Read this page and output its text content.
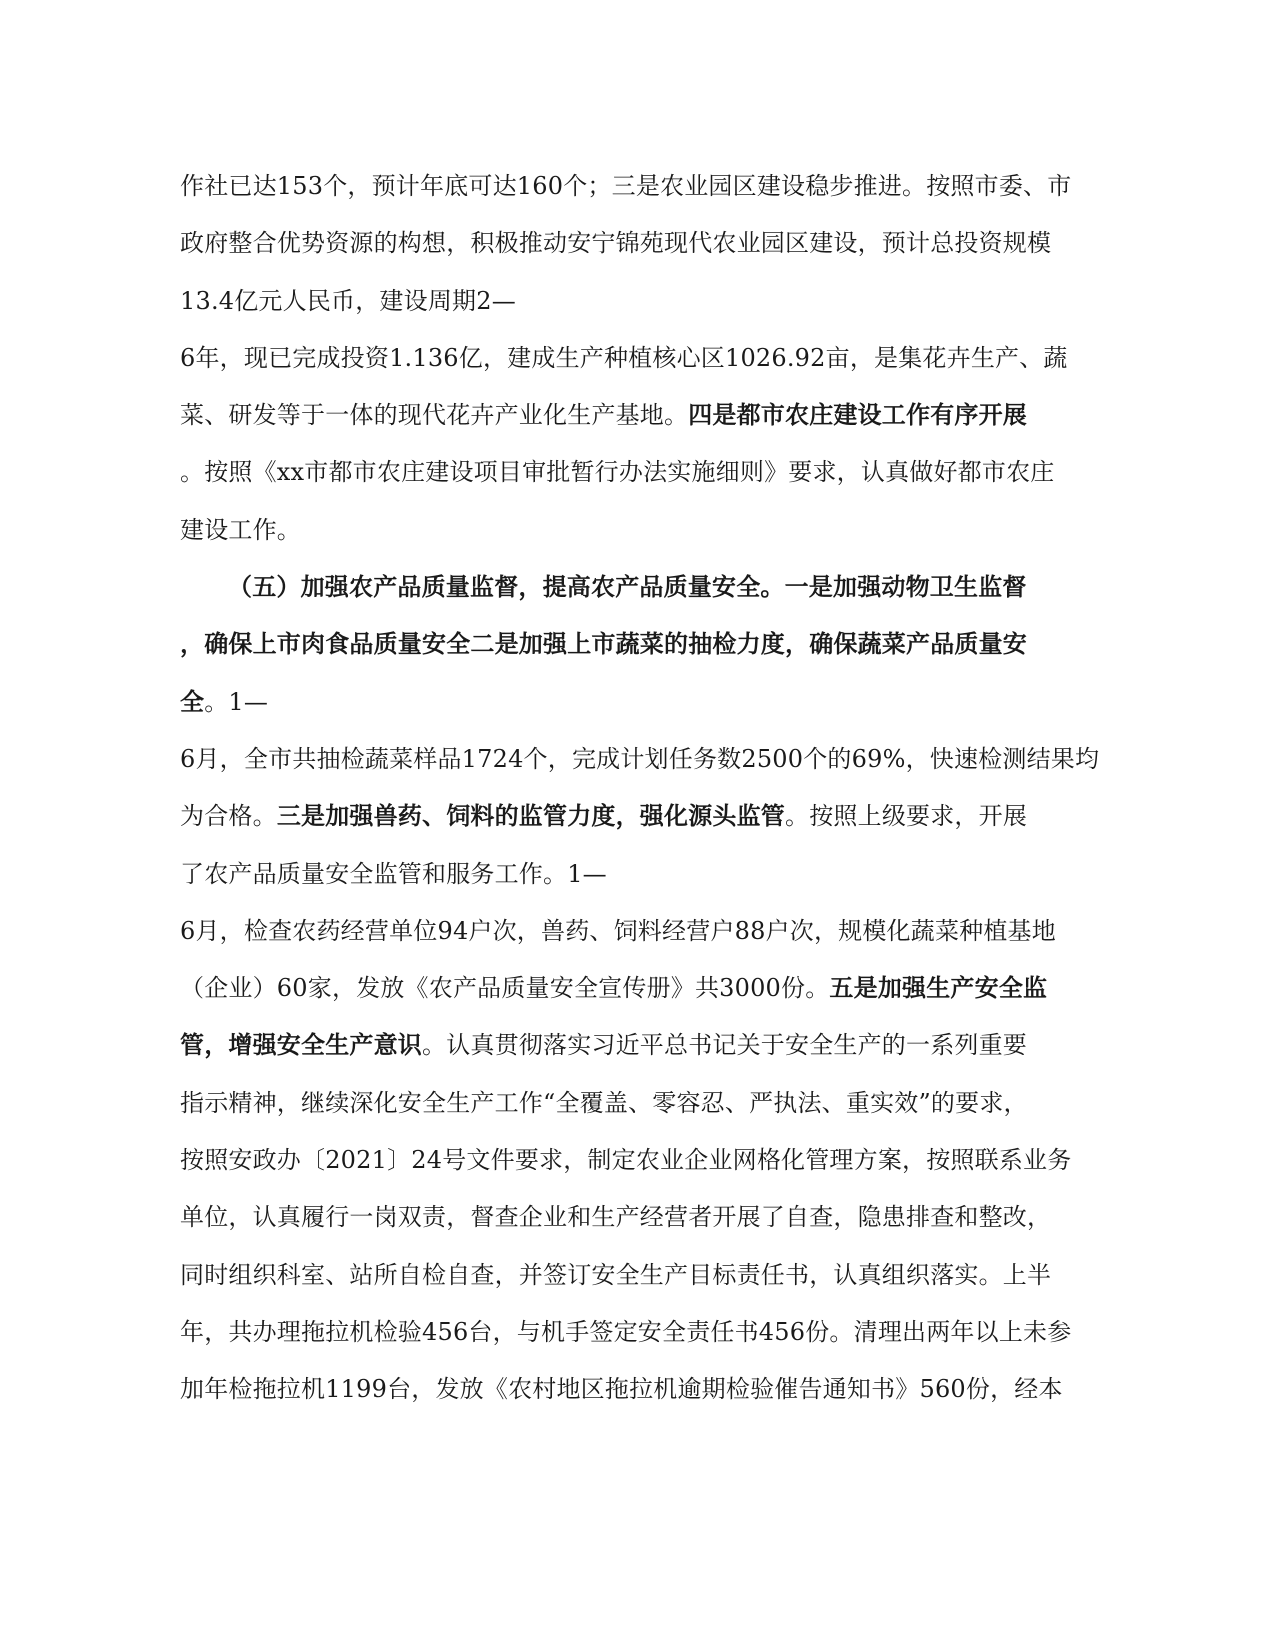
作社已达153个，预计年底可达160个；三是农业园区建设稳步推进。按照市委、市
政府整合优势资源的构想，积极推动安宁锦苑现代农业园区建设，预计总投资规模
13.4亿元人民币，建设周期2—
6年，现已完成投资1.136亿，建成生产种植核心区1026.92亩，是集花卉生产、蔬
菜、研发等于一体的现代花卉产业化生产基地。四是都市农庄建设工作有序开展
。按照《xx市都市农庄建设项目审批暂行办法实施细则》要求，认真做好都市农庄
建设工作。
（五）加强农产品质量监督，提高农产品质量安全。一是加强动物卫生监督
，确保上市肉食品质量安全二是加强上市蔬菜的抽检力度，确保蔬菜产品质量安
全。1—
6月，全市共抽检蔬菜样品1724个，完成计划任务数2500个的69%，快速检测结果均
为合格。三是加强兽药、饲料的监管力度，强化源头监管。按照上级要求，开展
了农产品质量安全监管和服务工作。1—
6月，检查农药经营单位94户次，兽药、饲料经营户88户次，规模化蔬菜种植基地
（企业）60家，发放《农产品质量安全宣传册》共3000份。五是加强生产安全监
管，增强安全生产意识。认真贯彻落实习近平总书记关于安全生产的一系列重要
指示精神，继续深化安全生产工作“全覆盖、零容忍、严执法、重实效”的要求，
按照安政办〔2021〕24号文件要求，制定农业企业网格化管理方案，按照联系业务
单位，认真履行一岗双责，督查企业和生产经营者开展了自查，隐患排查和整改，
同时组织科室、站所自检自查，并签订安全生产目标责任书，认真组织落实。上半
年，共办理拖拉机检验456台，与机手签定安全责任书456份。清理出两年以上未参
加年检拖拉机1199台，发放《农村地区拖拉机逾期检验催告通知书》560份，经本
